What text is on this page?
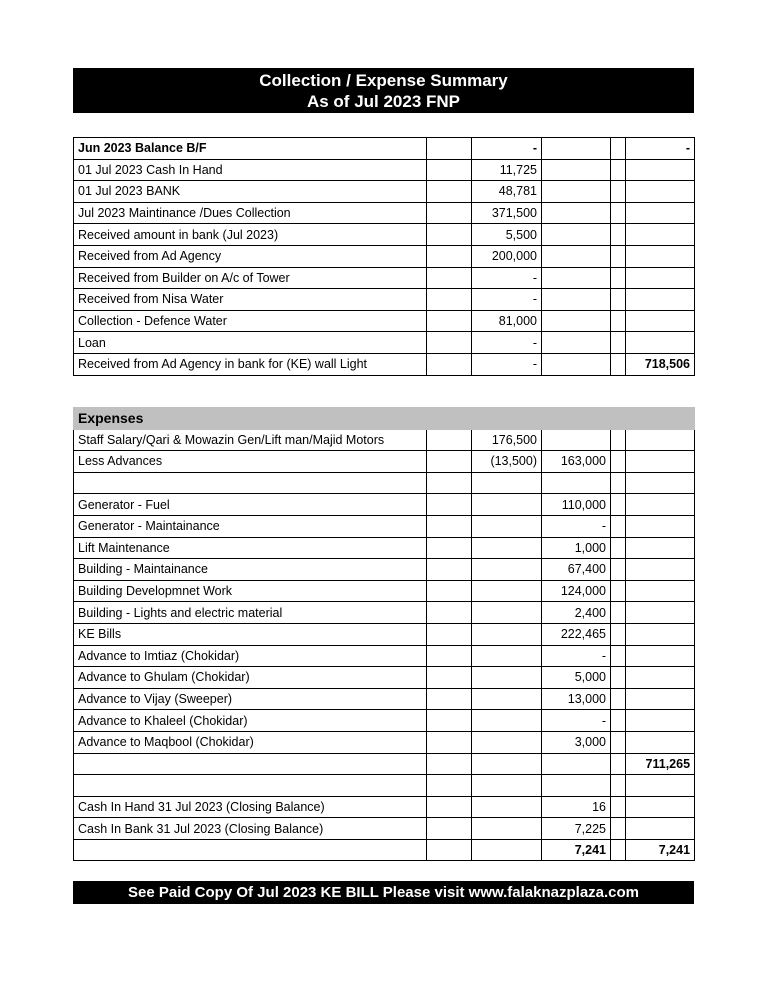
Collection / Expense Summary
As of Jul 2023 FNP
Jun 2023 Balance B/F		-			-
01 Jul 2023 Cash In Hand		11,725			
01 Jul 2023 BANK		48,781			
Jul 2023 Maintinance /Dues Collection		371,500			
Received amount in bank (Jul 2023)		5,500			
Received from Ad Agency		200,000			
Received from Builder on A/c of Tower		-			
Received from Nisa Water		-			
Collection - Defence Water		81,000			
Loan		-			
Received from Ad Agency in bank for (KE) wall Light		-			718,506
Expenses					
Staff Salary/Qari & Mowazin Gen/Lift man/Majid Motors		176,500			
Less Advances		(13,500)	163,000		

Generator - Fuel			110,000		
Generator - Maintainance			-		
Lift Maintenance			1,000		
Building - Maintainance			67,400		
Building Developmnet Work			124,000		
Building - Lights and electric material			2,400		
KE Bills			222,465		
Advance to Imtiaz (Chokidar)			-		
Advance to Ghulam (Chokidar)			5,000		
Advance to Vijay (Sweeper)			13,000		
Advance to Khaleel (Chokidar)			-		
Advance to Maqbool (Chokidar)			3,000		
					711,265

Cash In Hand 31 Jul 2023 (Closing Balance)			16		
Cash In Bank 31 Jul 2023 (Closing Balance)			7,225		
			7,241		7,241
See Paid Copy Of Jul 2023 KE BILL Please visit www.falaknazplaza.com
